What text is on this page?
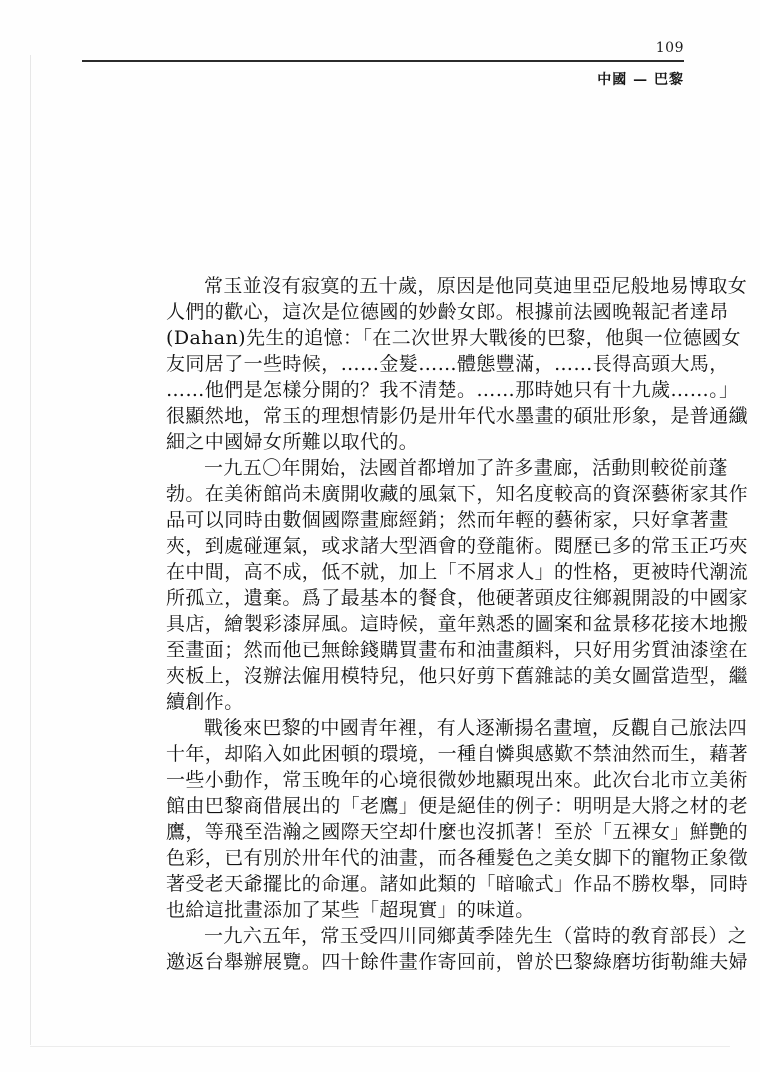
109
中國 — 巴黎
常玉並沒有寂寞的五十歲，原因是他同莫迪里亞尼般地易博取女
人們的歡心，這次是位德國的妙齡女郎。根據前法國晚報記者達昂
(Dahan)先生的追憶：「在二次世界大戰後的巴黎，他與一位德國女
友同居了一些時候，……金髮……體態豐滿，……長得高頭大馬，
……他們是怎樣分開的？我不清楚。……那時她只有十九歲……。」
很顯然地，常玉的理想情影仍是卅年代水墨畫的碩壯形象，是普通纖
細之中國婦女所難以取代的。
一九五〇年開始，法國首都增加了許多畫廊，活動則較從前蓬
勃。在美術館尚未廣開收藏的風氣下，知名度較高的資深藝術家其作
品可以同時由數個國際畫廊經銷；然而年輕的藝術家，只好拿著畫
夾，到處碰運氣，或求諸大型酒會的登龍術。閱歷已多的常玉正巧夾
在中間，高不成，低不就，加上「不屑求人」的性格，更被時代潮流
所孤立，遺棄。爲了最基本的餐食，他硬著頭皮往鄉親開設的中國家
具店，繪製彩漆屏風。這時候，童年熟悉的圖案和盆景移花接木地搬
至畫面；然而他已無餘錢購買畫布和油畫顏料，只好用劣質油漆塗在
夾板上，沒辦法僱用模特兒，他只好剪下舊雜誌的美女圖當造型，繼
續創作。
戰後來巴黎的中國青年裡，有人逐漸揚名畫壇，反觀自己旅法四
十年，却陷入如此困頓的環境，一種自憐與感歎不禁油然而生，藉著
一些小動作，常玉晚年的心境很微妙地顯現出來。此次台北市立美術
館由巴黎商借展出的「老鷹」便是絕佳的例子：明明是大將之材的老
鷹，等飛至浩瀚之國際天空却什麼也沒抓著！至於「五裸女」鮮艷的
色彩，已有別於卅年代的油畫，而各種髮色之美女脚下的寵物正象徵
著受老天爺擺比的命運。諸如此類的「暗喩式」作品不勝枚舉，同時
也給這批畫添加了某些「超現實」的味道。
一九六五年，常玉受四川同鄉黃季陸先生（當時的敎育部長）之
邀返台舉辦展覽。四十餘件畫作寄回前，曾於巴黎綠磨坊街勒維夫婦
